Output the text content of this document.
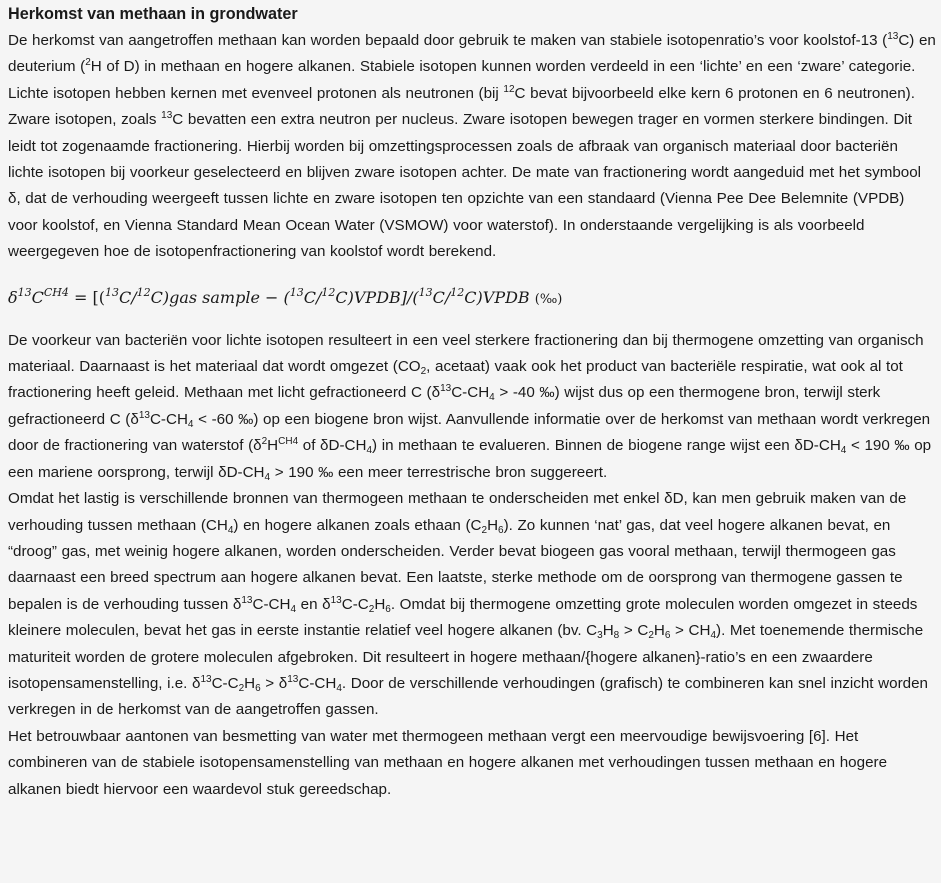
Herkomst van methaan in grondwater

De herkomst van aangetroffen methaan kan worden bepaald door gebruik te maken van stabiele isotopenratio’s voor koolstof-13 ($^{13}$C) en deuterium ($^2$H of D) in methaan en hogere alkanen. Stabiele isotopen kunnen worden verdeeld in een ‘lichte’ en een ‘zware’ categorie. Lichte isotopen hebben kernen met evenveel protonen als neutronen (bij $^{12}$C bevat bijvoorbeeld elke kern 6 protonen en 6 neutronen). Zware isotopen, zoals $^{13}$C bevatten een extra neutron per nucleus. Zware isotopen bewegen trager en vormen sterkere bindingen. Dit leidt tot zogenaamde fractionering. Hierbij worden bij omzettingsprocessen zoals de afbraak van organisch materiaal door bacteriën lichte isotopen bij voorkeur geselecteerd en blijven zware isotopen achter. De mate van fractionering wordt aangeduid met het symbool δ, dat de verhouding weergeeft tussen lichte en zware isotopen ten opzichte van een standaard (Vienna Pee Dee Belemnite (VPDB) voor koolstof, en Vienna Standard Mean Ocean Water (VSMOW) voor waterstof). In onderstaande vergelijking is als voorbeeld weergegeven hoe de isotopenfractionering van koolstof wordt berekend.

$\delta^{13}C^{CH4} = [(^{13}C/^{12}C)gas$ sample − ($^{13}$C/$^{12}$C)VPDB]/($^{13}$C/$^{12}$C)VPDB (‰)

De voorkeur van bacteriën voor lichte isotopen resulteert in een veel sterkere fractionering dan bij thermogene omzetting van organisch materiaal. Daarnaast is het materiaal dat wordt omgezet ($CO_2$, acetaat) vaak ook het product van bacteriële respiratie, wat ook al tot fractionering heeft geleid. Methaan met licht gefractioneerd C ($\delta^{13}C-CH_4 > -40$ ‰) wijst dus op een thermogene bron, terwijl sterk gefractioneerd C ($\delta^{13}C-CH_4 < -60$ ‰) op een biogene bron wijst. Aanvullende informatie over de herkomst van methaan wordt verkregen door de fractionering van waterstof ($\delta^2H^{CH4}$ of $\delta D-CH_4$) in methaan te evalueren. Binnen de biogene range wijst een $\delta D-CH_4 < 190$ ‰ op een mariene oorsprong, terwijl $\delta D-CH_4 > 190$ ‰ een meer terrestrische bron suggereert.

Omdat het lastig is verschillende bronnen van thermogeen methaan te onderscheiden met enkel δD, kan men gebruik maken van de verhouding tussen methaan $(CH_4)$ en hogere alkanen zoals ethaan $(C_2H_6)$. Zo kunnen ‘nat’ gas, dat veel hogere alkanen bevat, en “droog” gas, met weinig hogere alkanen, worden onderscheiden. Verder bevat biogeen gas vooral methaan, terwijl thermogeen gas daarnaast een breed spectrum aan hogere alkanen bevat. Een laatste, sterke methode om de oorsprong van thermogene gassen te bepalen is de verhouding tussen $\delta^{13}C-CH_4$ en $\delta^{13}C-C_2H_6$. Omdat bij thermogene omzetting grote moleculen worden omgezet in steeds kleinere moleculen, bevat het gas in eerste instantie relatief veel hogere alkanen (bv. $C_3H_8 > C_2H_6 > CH_4$). Met toenemende thermische maturiteit worden de grotere moleculen afgebroken. Dit resulteert in hogere methaan/{hogere alkanen}-ratio’s en een zwaardere isotopensamenstelling, i.e. $\delta^{13}C-C_2H_6 > \delta^{13}C-CH_4$. Door de verschillende verhoudingen (grafisch) te combineren kan snel inzicht worden verkregen in de herkomst van de aangetroffen gassen.

Het betrouwbaar aantonen van besmetting van water met thermogeen methaan vergt een meervoudige bewijsvoering [6]. Het combineren van de stabiele isotopensamenstelling van methaan en hogere alkanen met verhoudingen tussen methaan en hogere alkanen biedt hiervoor een waardevol stuk gereedschap.
